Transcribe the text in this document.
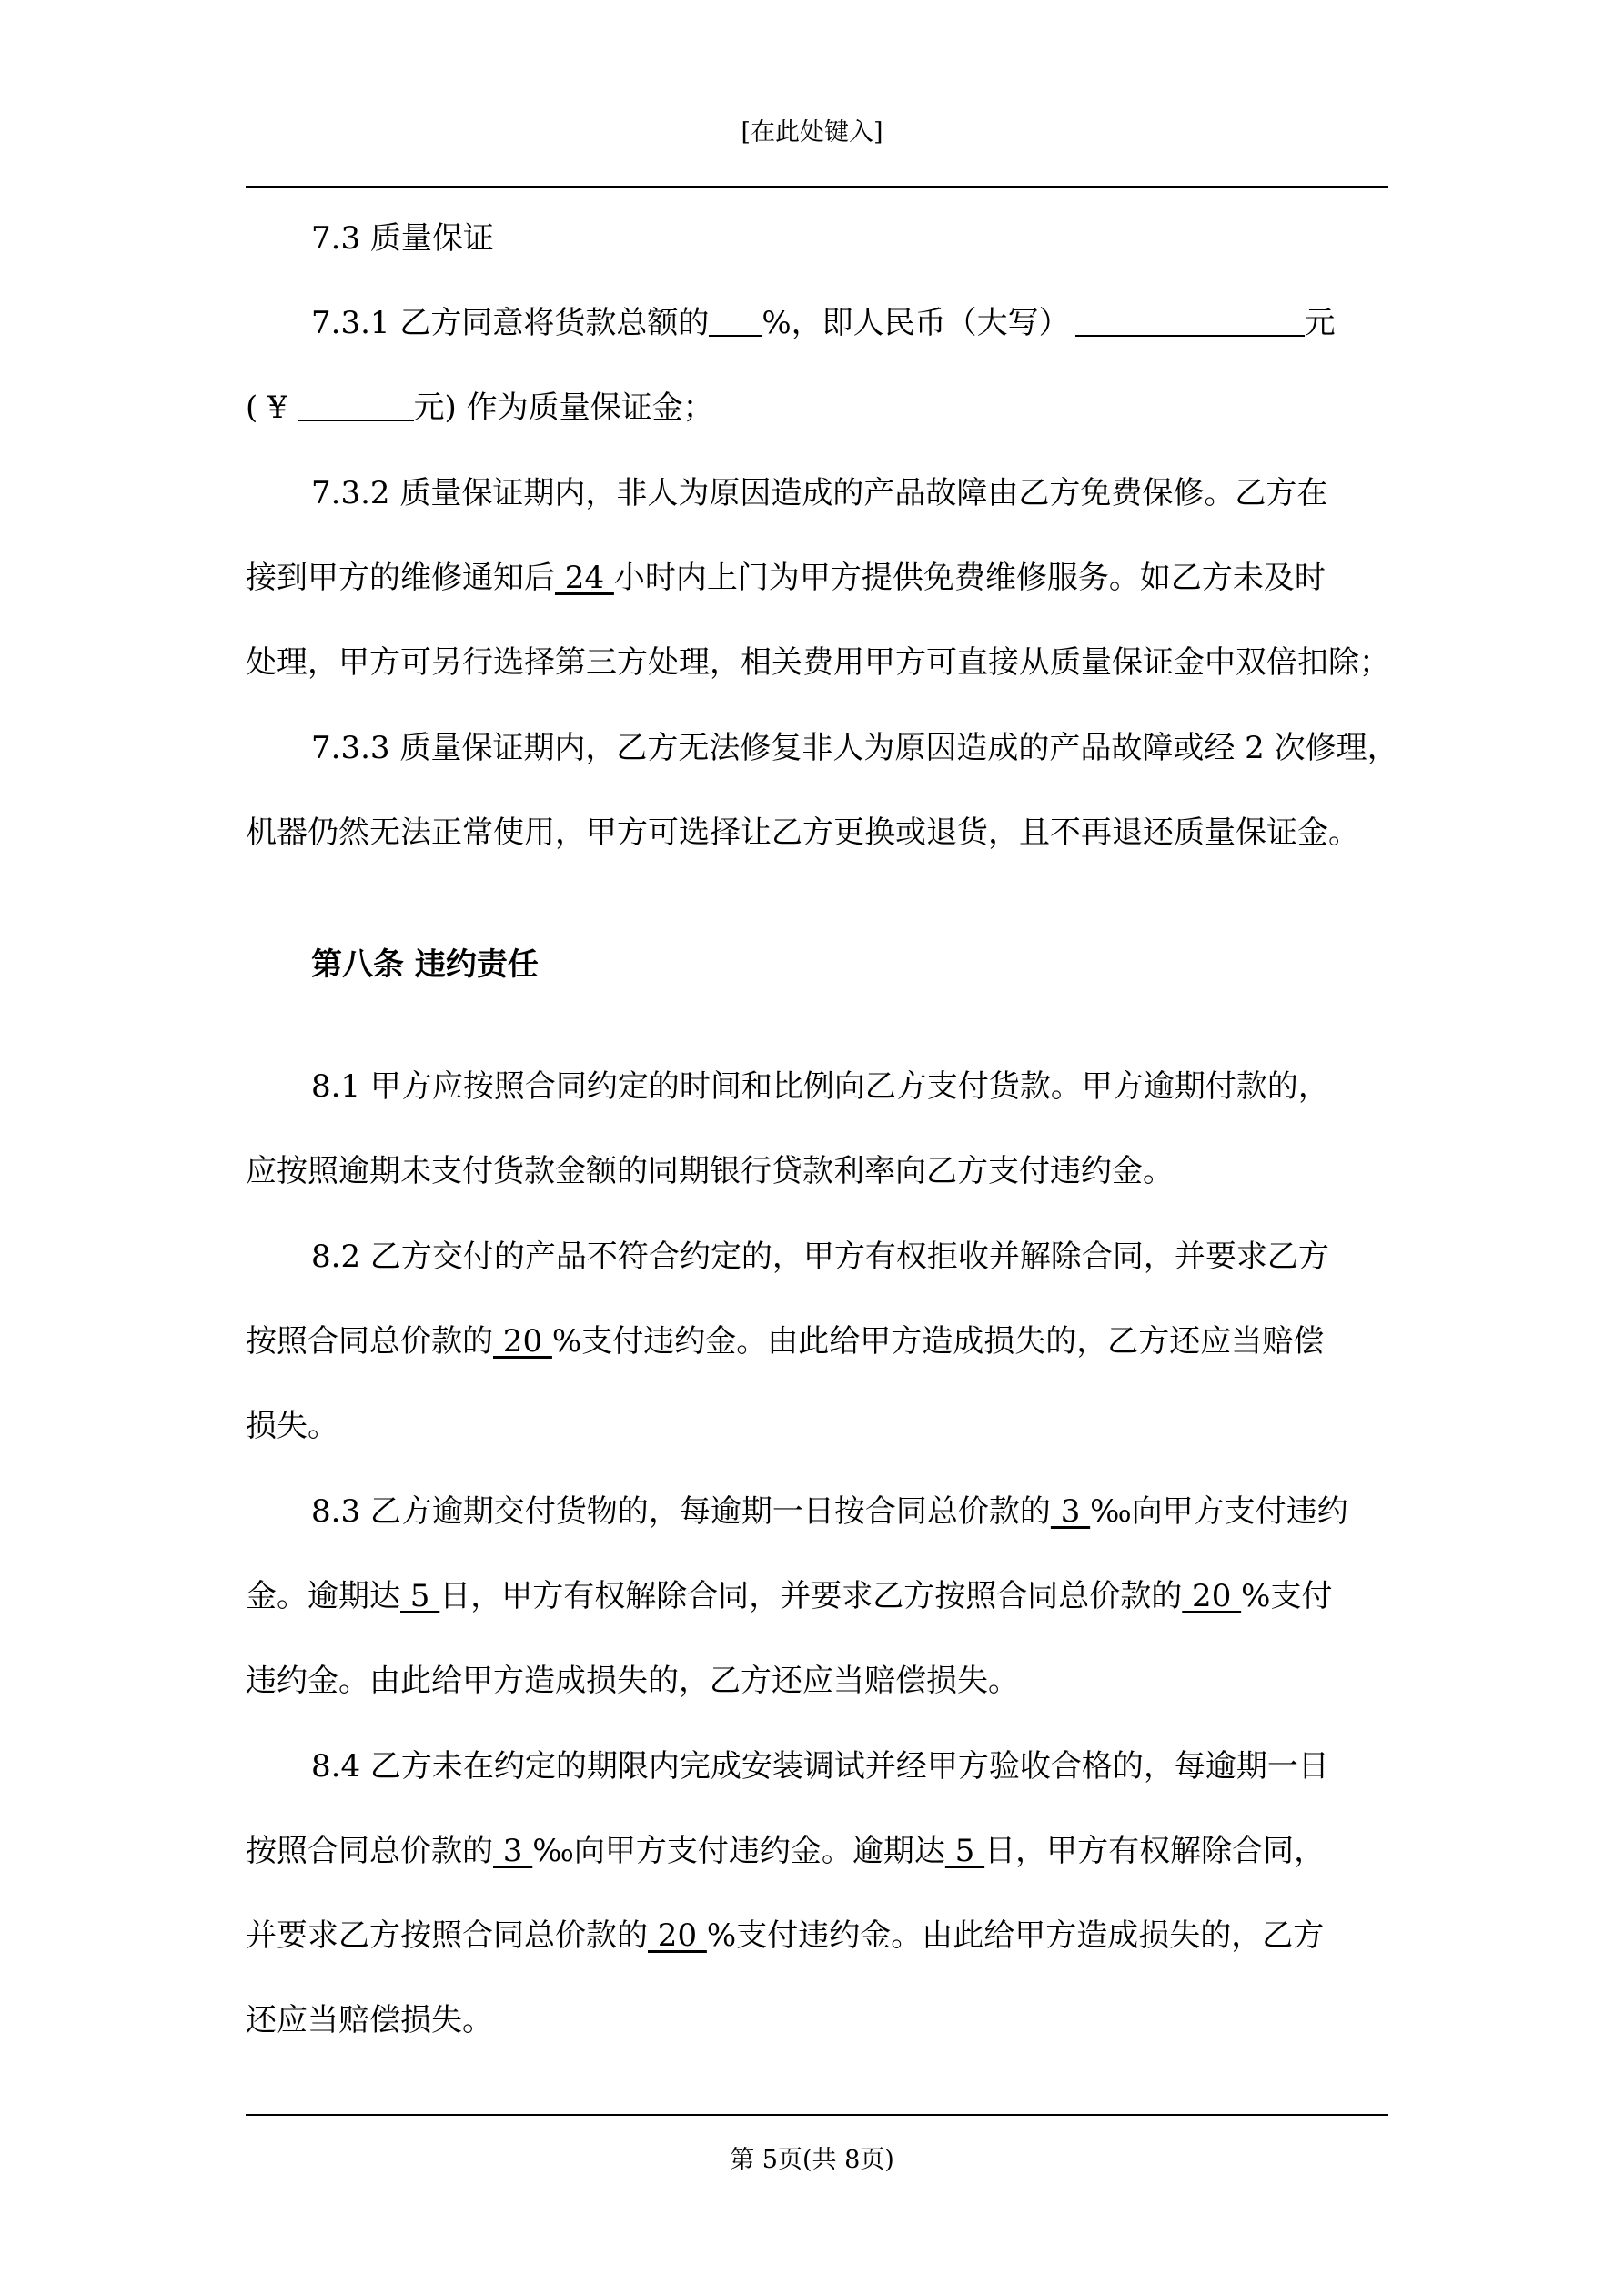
[在此处键入]
7.3 质量保证
7.3.1 乙方同意将货款总额的 %，即人民币（大写）	元
( ¥	元) 作为质量保证金；
7.3.2 质量保证期内，非人为原因造成的产品故障由乙方免费保修。乙方在
接到甲方的维修通知后 24 小时内上门为甲方提供免费维修服务。如乙方未及时
处理，甲方可另行选择第三方处理，相关费用甲方可直接从质量保证金中双倍扣除；
7.3.3 质量保证期内，乙方无法修复非人为原因造成的产品故障或经 2 次修理，
机器仍然无法正常使用，甲方可选择让乙方更换或退货，且不再退还质量保证金。
第八条 违约责任
8.1 甲方应按照合同约定的时间和比例向乙方支付货款。甲方逾期付款的，
应按照逾期未支付货款金额的同期银行贷款利率向乙方支付违约金。
8.2 乙方交付的产品不符合约定的，甲方有权拒收并解除合同，并要求乙方
按照合同总价款的 20 %支付违约金。由此给甲方造成损失的，乙方还应当赔偿
损失。
8.3 乙方逾期交付货物的，每逾期一日按合同总价款的 3 ‰向甲方支付违约
金。逾期达 5 日，甲方有权解除合同，并要求乙方按照合同总价款的 20 %支付
违约金。由此给甲方造成损失的，乙方还应当赔偿损失。
8.4 乙方未在约定的期限内完成安装调试并经甲方验收合格的，每逾期一日
按照合同总价款的 3 ‰向甲方支付违约金。逾期达 5 日，甲方有权解除合同，
并要求乙方按照合同总价款的 20 %支付违约金。由此给甲方造成损失的，乙方
还应当赔偿损失。
第 5页(共 8页)
